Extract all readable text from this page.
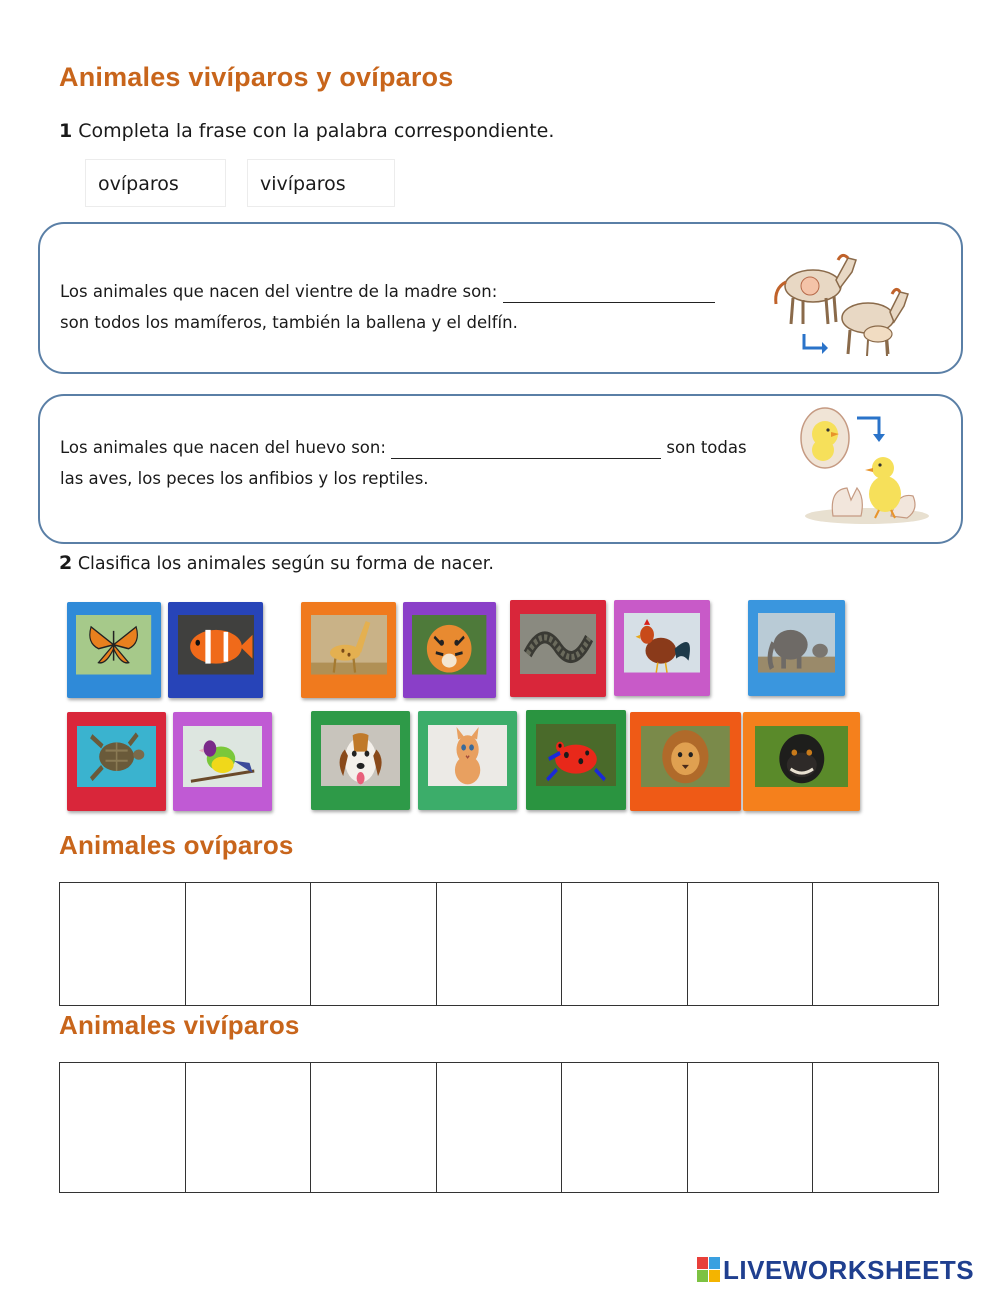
Animales vivíparos y ovíparos
1 Completa la frase con la palabra correspondiente.
ovíparos	vivíparos
Los animales que nacen del vientre de la madre son:
son todos los mamíferos, también la ballena y el delfín.
Los animales que nacen del huevo son:	son todas
las aves, los peces los anfibios y los reptiles.
2 Clasifica los animales según su forma de nacer.
Animales ovíparos

Animales vivíparos

LIVEWORKSHEETS
